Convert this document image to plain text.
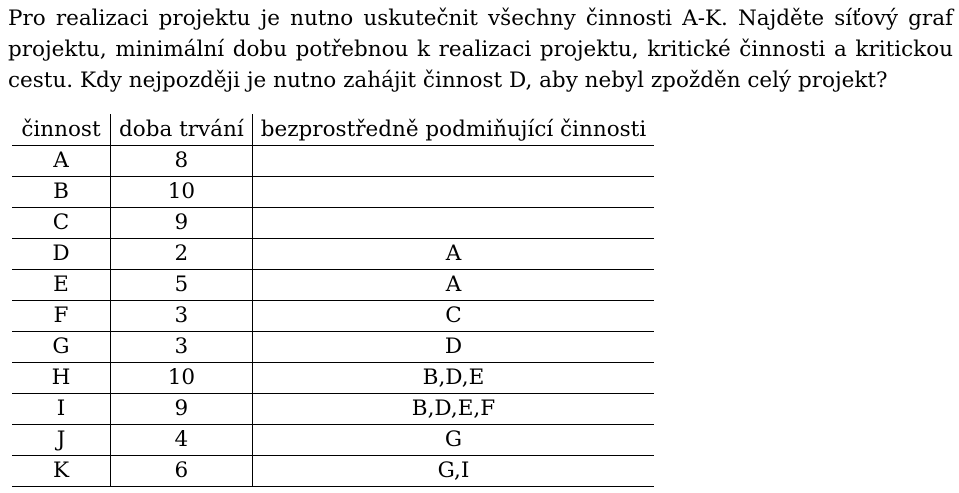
Pro realizaci projektu je nutno uskutečnit všechny činnosti A-K. Najděte síťový graf projektu, minimální dobu potřebnou k realizaci projektu, kritické činnosti a kritickou cestu. Kdy nejpozději je nutno zahájit činnost D, aby nebyl zpožděn celý projekt?

činnost	doba trvání	bezprostředně podmiňující činnosti
A	8	
B	10	
C	9	
D	2	A
E	5	A
F	3	C
G	3	D
H	10	B,D,E
I	9	B,D,E,F
J	4	G
K	6	G,I
